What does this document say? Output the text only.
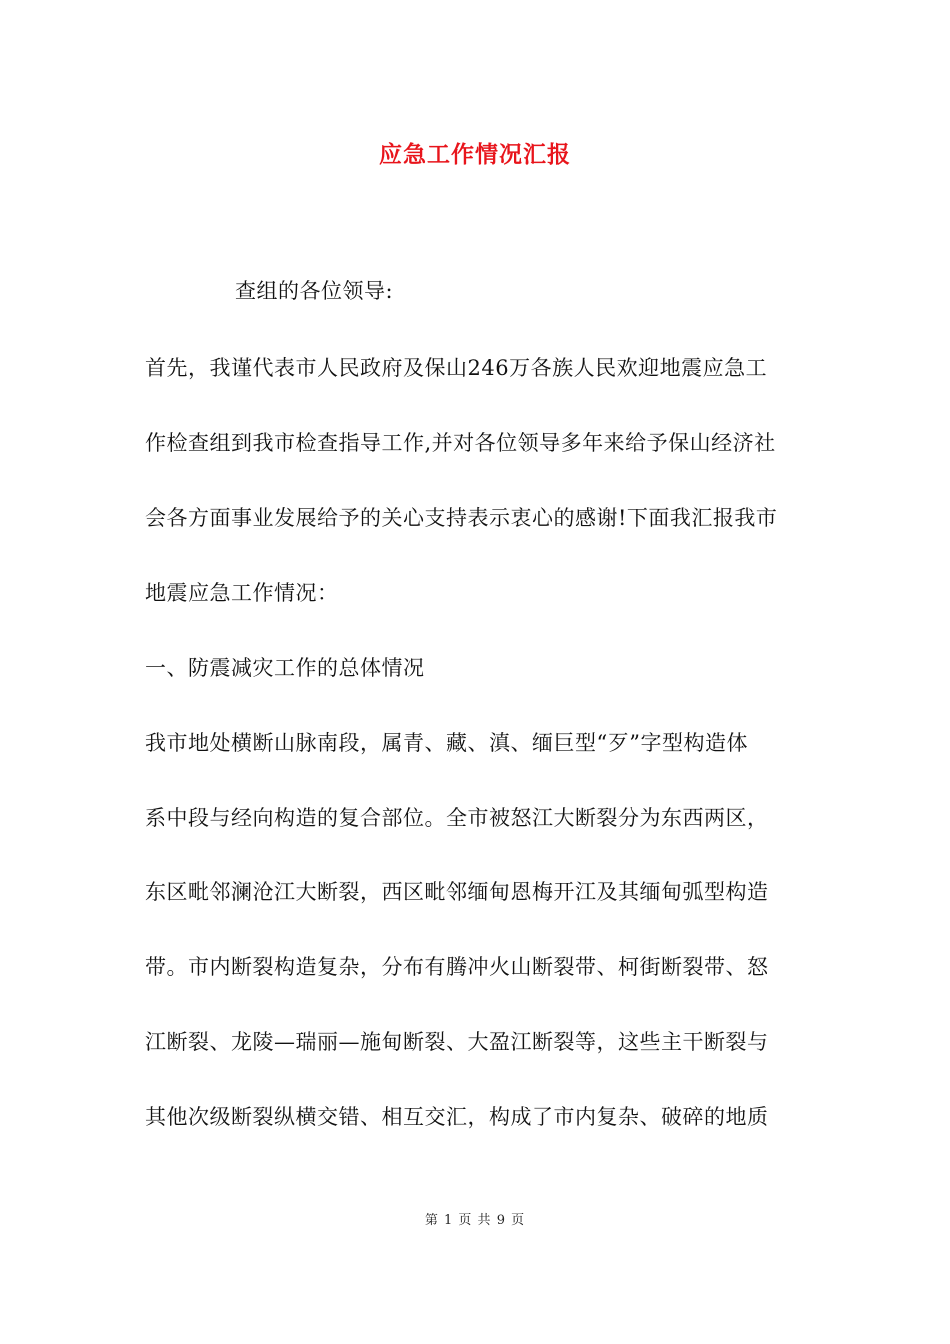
应急工作情况汇报
查组的各位领导:
首先，我谨代表市人民政府及保山246万各族人民欢迎地震应急工
作检查组到我市检查指导工作,并对各位领导多年来给予保山经济社
会各方面事业发展给予的关心支持表示衷心的感谢!下面我汇报我市
地震应急工作情况：
一、防震减灾工作的总体情况
我市地处横断山脉南段，属青、藏、滇、缅巨型“歹”字型构造体
系中段与经向构造的复合部位。全市被怒江大断裂分为东西两区，
东区毗邻澜沧江大断裂，西区毗邻缅甸恩梅开江及其缅甸弧型构造
带。市内断裂构造复杂，分布有腾冲火山断裂带、柯街断裂带、怒
江断裂、龙陵—瑞丽—施甸断裂、大盈江断裂等，这些主干断裂与
其他次级断裂纵横交错、相互交汇，构成了市内复杂、破碎的地质
第 1 页 共 9 页
